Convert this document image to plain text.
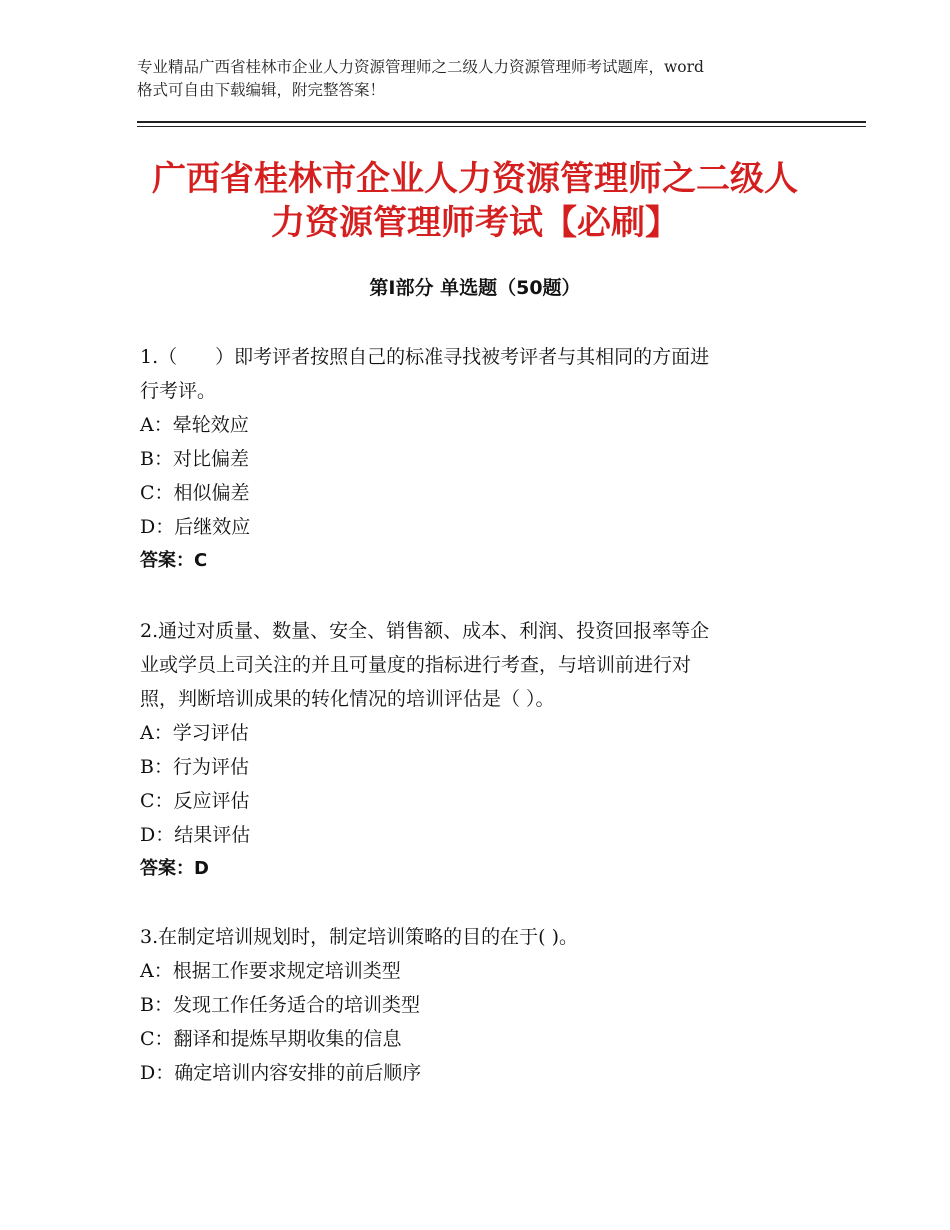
专业精品广西省桂林市企业人力资源管理师之二级人力资源管理师考试题库，word
格式可自由下载编辑，附完整答案！
广西省桂林市企业人力资源管理师之二级人
力资源管理师考试【必刷】
第Ⅰ部分 单选题（50题）

1.（　　）即考评者按照自己的标准寻找被考评者与其相同的方面进

行考评。

A：晕轮效应

B：对比偏差

C：相似偏差

D：后继效应

答案：C

2.通过对质量、数量、安全、销售额、成本、利润、投资回报率等企

业或学员上司关注的并且可量度的指标进行考查，与培训前进行对

照，判断培训成果的转化情况的培训评估是（ ）。

A：学习评估

B：行为评估

C：反应评估

D：结果评估

答案：D

3.在制定培训规划时，制定培训策略的目的在于( )。

A：根据工作要求规定培训类型

B：发现工作任务适合的培训类型

C：翻译和提炼早期收集的信息

D：确定培训内容安排的前后顺序
